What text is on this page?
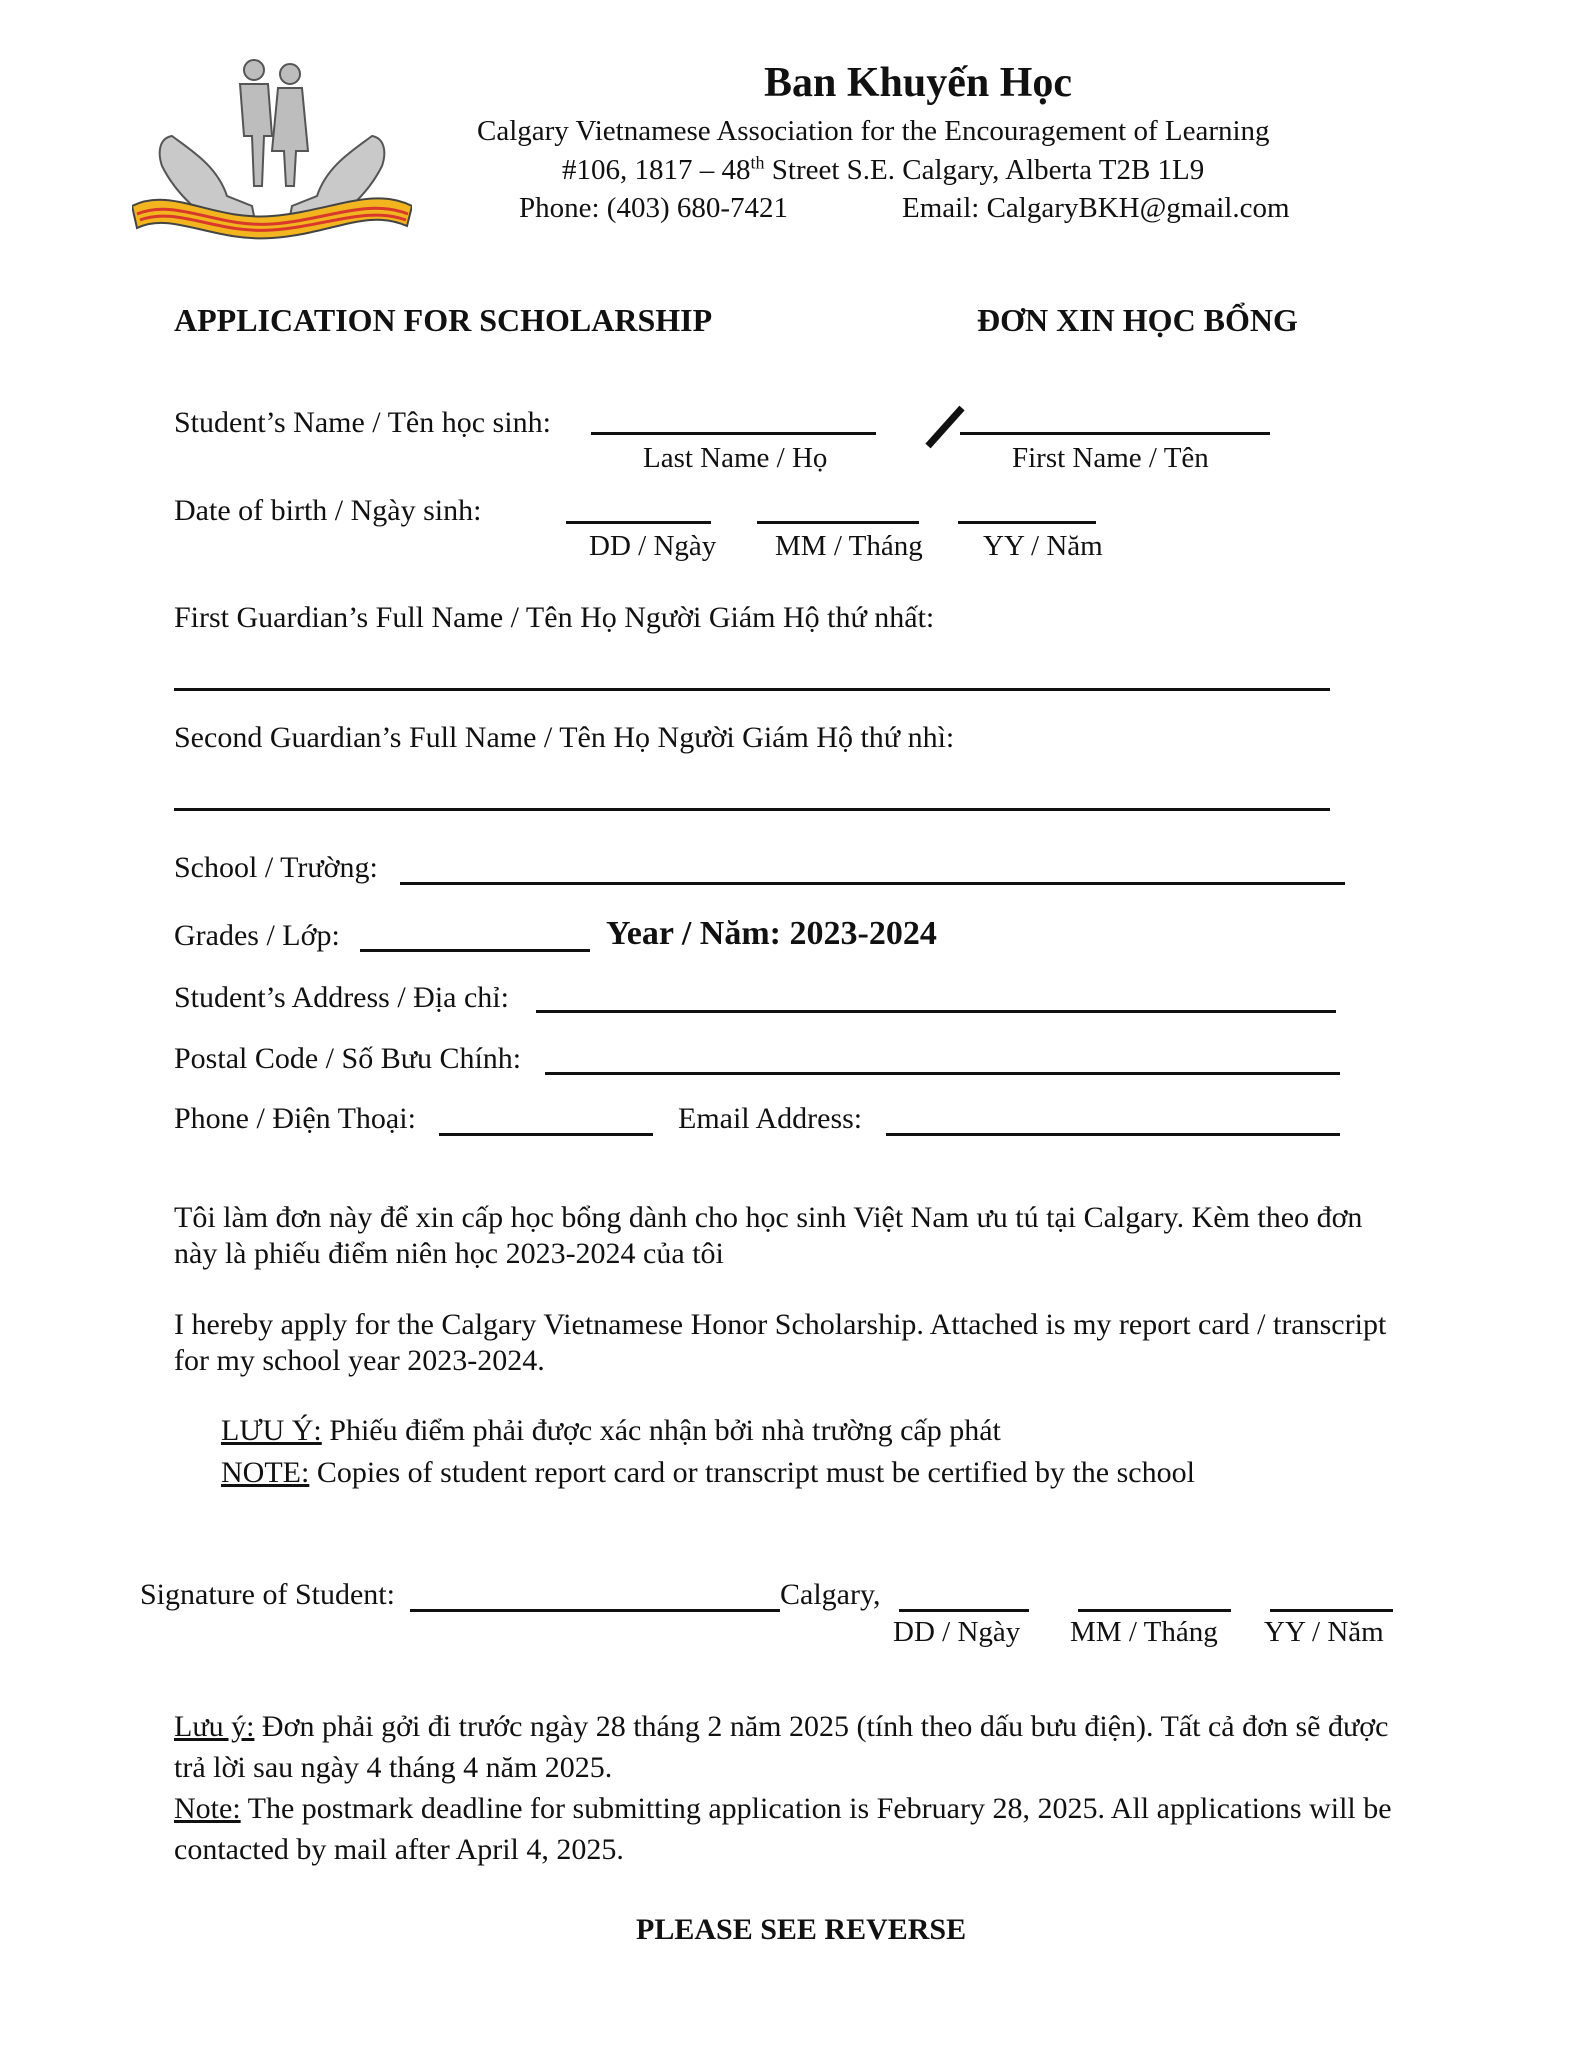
Ban Khuyến Học
Calgary Vietnamese Association for the Encouragement of Learning
#106, 1817 – 48th Street S.E. Calgary, Alberta T2B 1L9
Phone: (403) 680-7421	Email: CalgaryBKH@gmail.com
APPLICATION FOR SCHOLARSHIP	ĐƠN XIN HỌC BỔNG
Student’s Name / Tên học sinh:
Last Name / Họ	First Name / Tên
Date of birth / Ngày sinh:
DD / Ngày MM / Tháng YY / Năm
First Guardian’s Full Name / Tên Họ Người Giám Hộ thứ nhất:
Second Guardian’s Full Name / Tên Họ Người Giám Hộ thứ nhì:
School / Trường:
Grades / Lớp:	Year / Năm: 2023-2024
Student’s Address / Địa chỉ:
Postal Code / Số Bưu Chính:
Phone / Điện Thoại:	Email Address:
Tôi làm đơn này để xin cấp học bổng dành cho học sinh Việt Nam ưu tú tại Calgary. Kèm theo đơn
này là phiếu điểm niên học 2023-2024 của tôi
I hereby apply for the Calgary Vietnamese Honor Scholarship. Attached is my report card / transcript
for my school year 2023-2024.
LƯU Ý: Phiếu điểm phải được xác nhận bởi nhà trường cấp phát
NOTE: Copies of student report card or transcript must be certified by the school
Signature of Student:	Calgary,
DD / Ngày MM / Tháng YY / Năm
Lưu ý: Đơn phải gởi đi trước ngày 28 tháng 2 năm 2025 (tính theo dấu bưu điện). Tất cả đơn sẽ được
trả lời sau ngày 4 tháng 4 năm 2025.
Note: The postmark deadline for submitting application is February 28, 2025. All applications will be
contacted by mail after April 4, 2025.
PLEASE SEE REVERSE
